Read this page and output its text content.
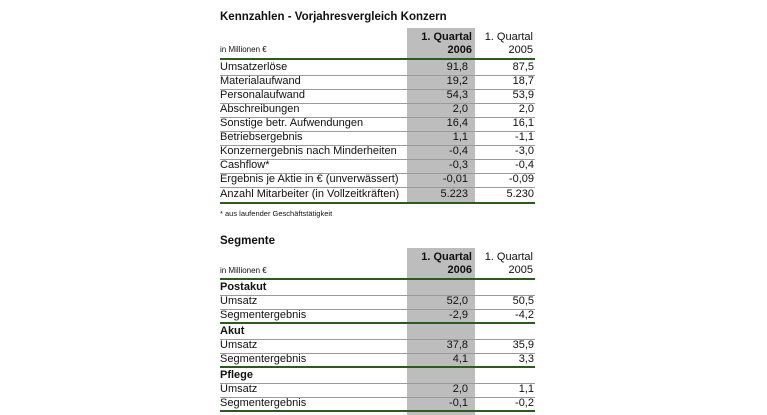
Kennzahlen - Vorjahresvergleich Konzern
in Millionen €
1. Quartal
2006
1. Quartal
2005
Umsatzerlöse	91,8	87,5
Materialaufwand	19,2	18,7
Personalaufwand	54,3	53,9
Abschreibungen	2,0	2,0
Sonstige betr. Aufwendungen	16,4	16,1
Betriebsergebnis	1,1	-1,1
Konzernergebnis nach Minderheiten	-0,4	-3,0
Cashflow*	-0,3	-0,4
Ergebnis je Aktie in € (unverwässert)	-0,01	-0,09
Anzahl Mitarbeiter (in Vollzeitkräften)	5.223	5.230
* aus laufender Geschäftstätigkeit
Segmente
in Millionen €
1. Quartal
2006
1. Quartal
2005
Postakut
Umsatz	52,0	50,5
Segmentergebnis	-2,9	-4,2
Akut
Umsatz	37,8	35,9
Segmentergebnis	4,1	3,3
Pflege
Umsatz	2,0	1,1
Segmentergebnis	-0,1	-0,2
